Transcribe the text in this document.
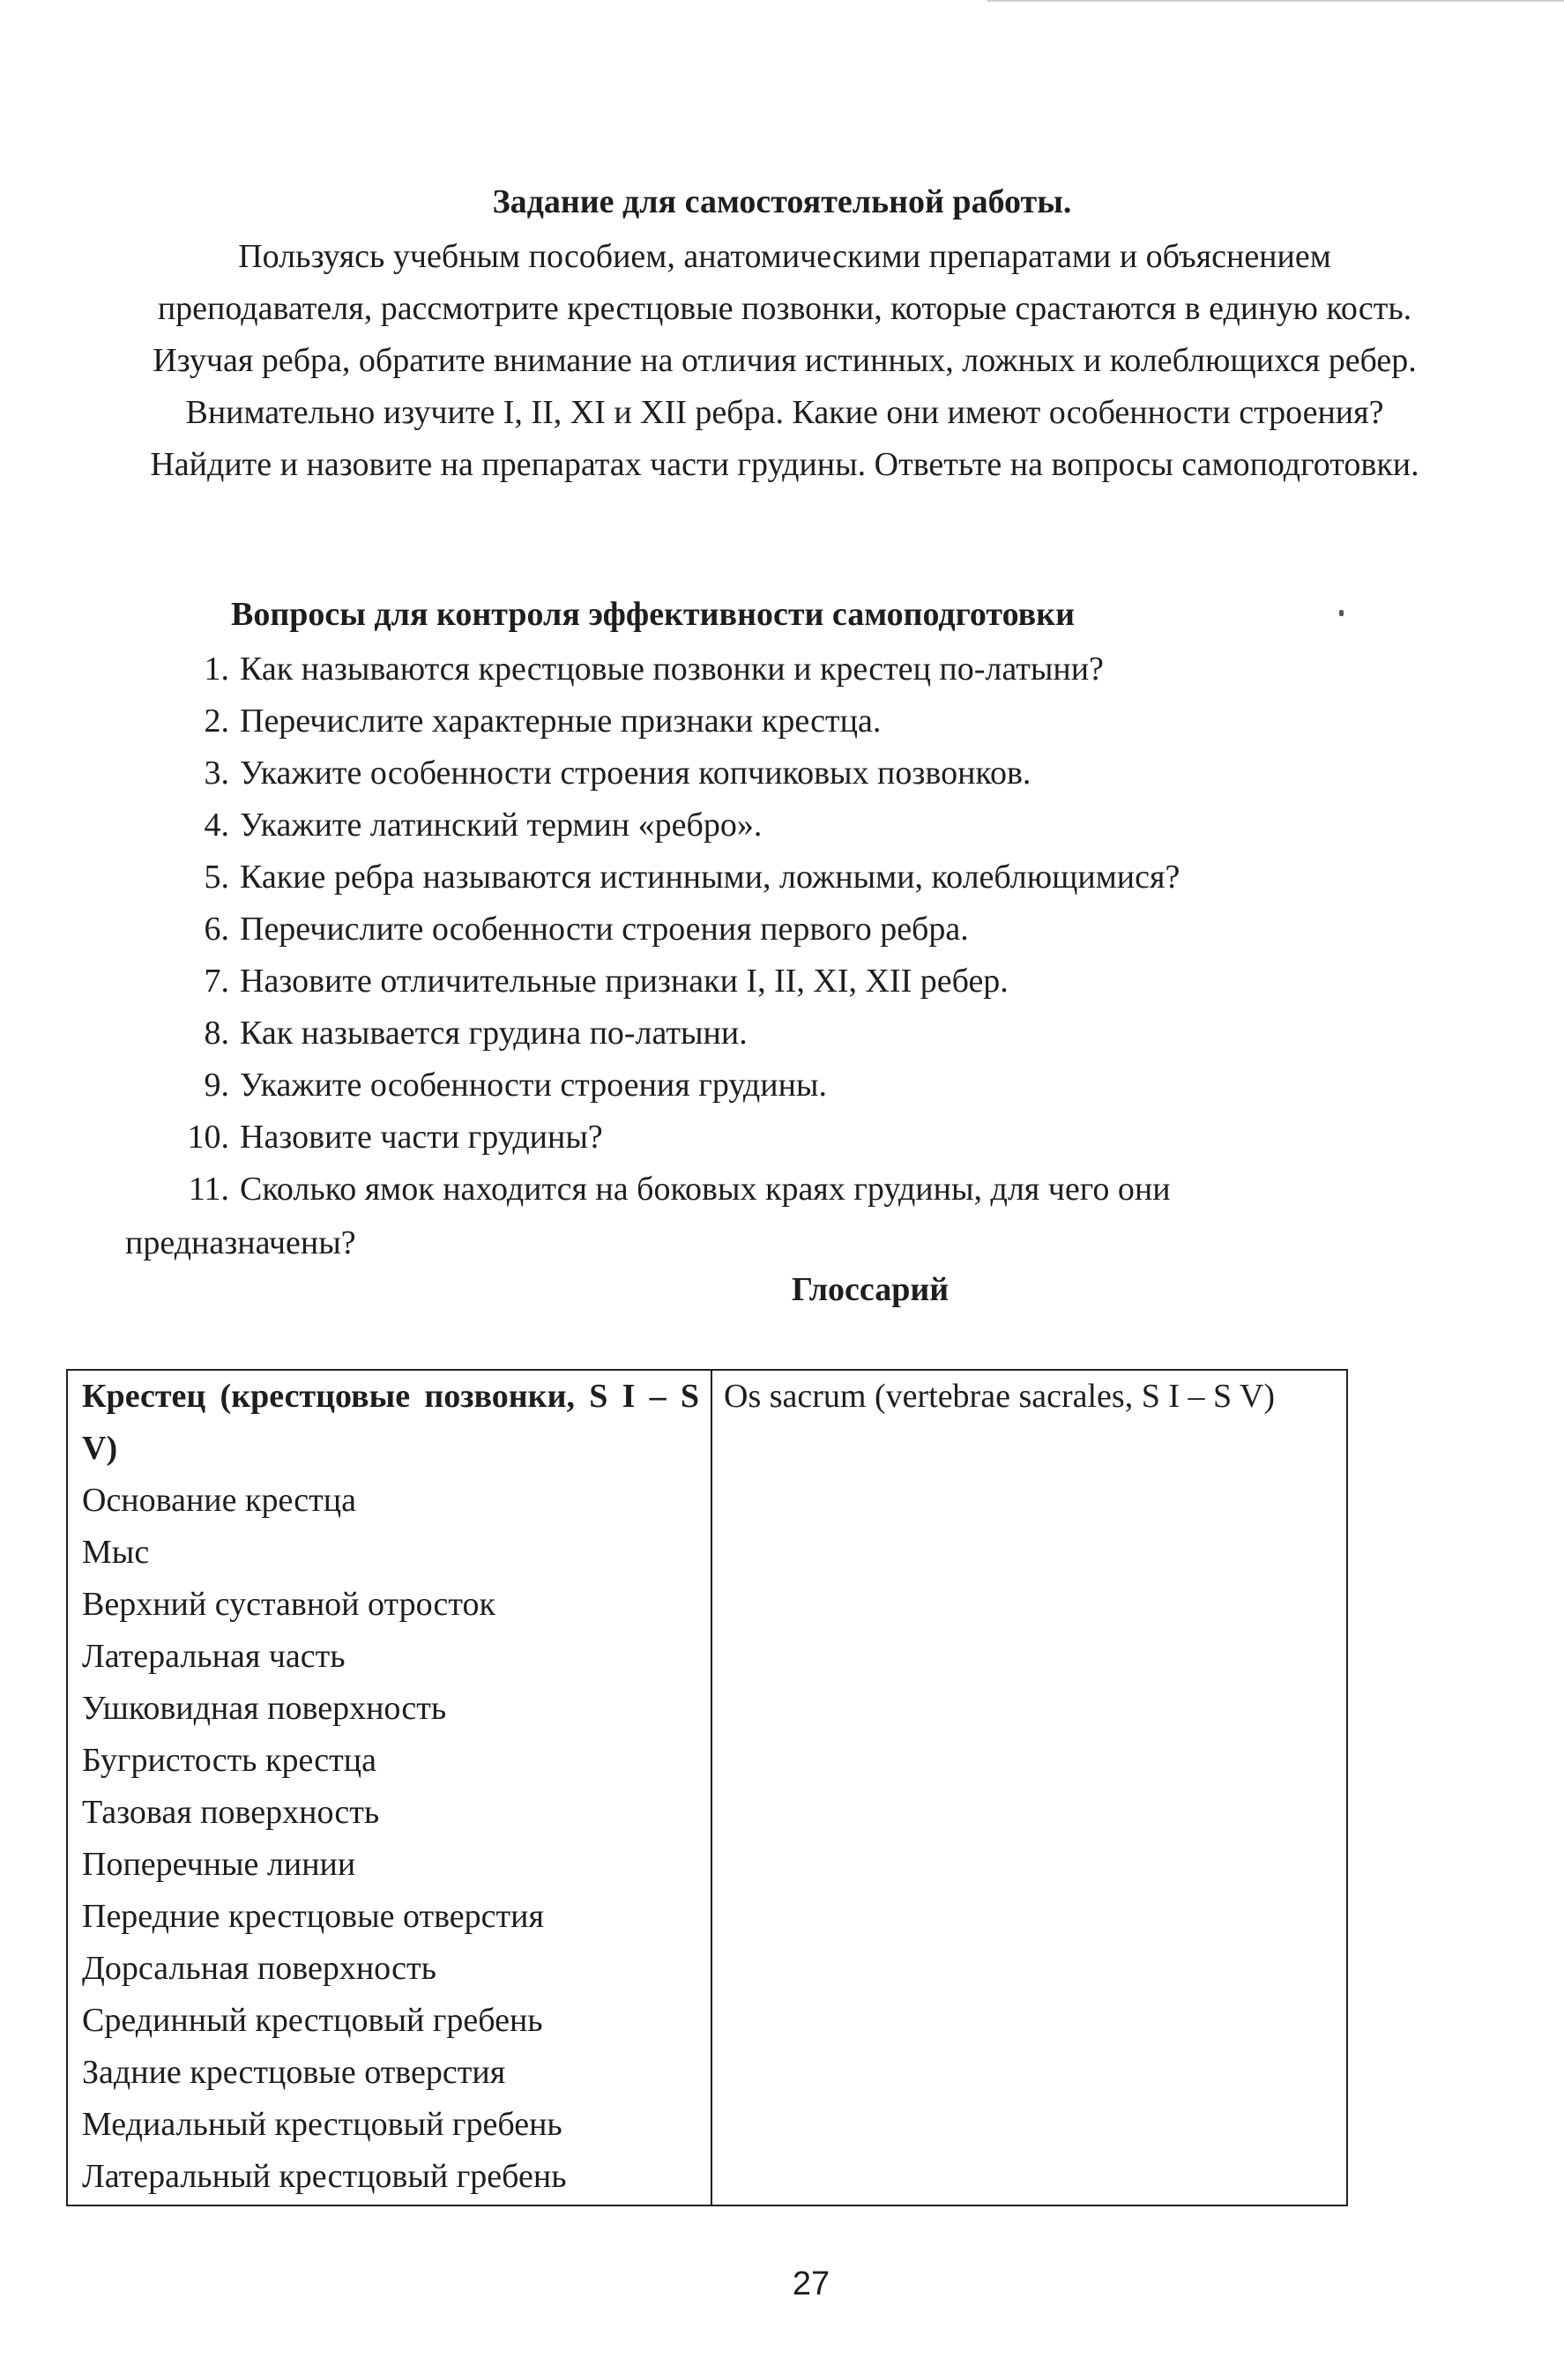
Задание для самостоятельной работы.
Пользуясь учебным пособием, анатомическими препаратами и объяснением преподавателя, рассмотрите крестцовые позвонки, которые срастаются в единую кость. Изучая ребра, обратите внимание на отличия истинных, ложных и колеблющихся ребер. Внимательно изучите I, II, XI и XII ребра. Какие они имеют особенности строения? Найдите и назовите на препаратах части грудины. Ответьте на вопросы самоподготовки.
Вопросы для контроля эффективности самоподготовки
1. Как называются крестцовые позвонки и крестец по-латыни?
2. Перечислите характерные признаки крестца.
3. Укажите особенности строения копчиковых позвонков.
4. Укажите латинский термин «ребро».
5. Какие ребра называются истинными, ложными, колеблющимися?
6. Перечислите особенности строения первого ребра.
7. Назовите отличительные признаки I, II, XI, XII ребер.
8. Как называется грудина по-латыни.
9. Укажите особенности строения грудины.
10. Назовите части грудины?
11. Сколько ямок находится на боковых краях грудины, для чего они
предназначены?
Глоссарий
Крестец (крестцовые позвонки, S I – S V)
Основание крестца
Мыс
Верхний суставной отросток
Латеральная часть
Ушковидная поверхность
Бугристость крестца
Тазовая поверхность
Поперечные линии
Передние крестцовые отверстия
Дорсальная поверхность
Срединный крестцовый гребень
Задние крестцовые отверстия
Медиальный крестцовый гребень
Латеральный крестцовый гребень
Os sacrum (vertebrae sacrales, S I – S V)
27
